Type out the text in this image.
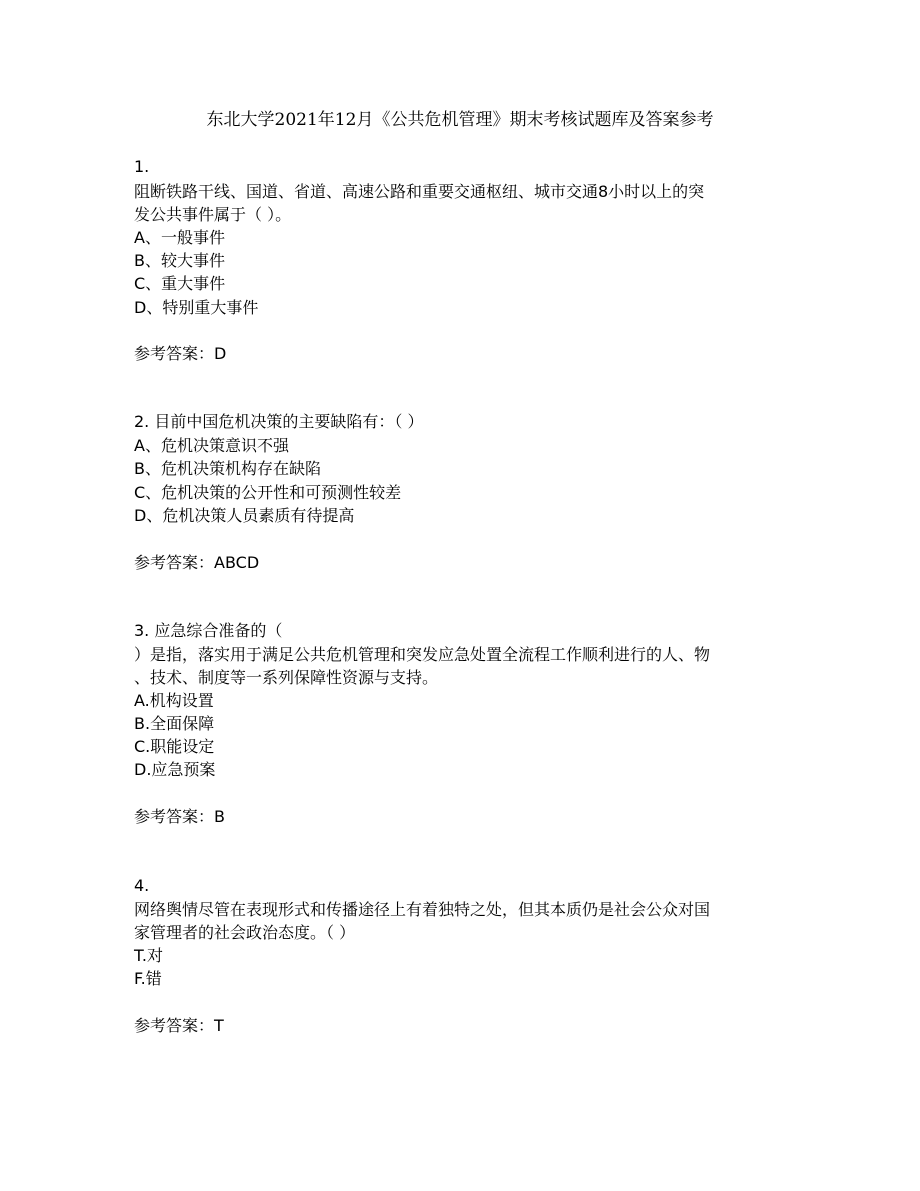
东北大学2021年12月《公共危机管理》期末考核试题库及答案参考
1.
阻断铁路干线、国道、省道、高速公路和重要交通枢纽、城市交通8小时以上的突
发公共事件属于（ ）。
A、一般事件
B、较大事件
C、重大事件
D、特别重大事件
参考答案：D
2. 目前中国危机决策的主要缺陷有：（ ）
A、危机决策意识不强
B、危机决策机构存在缺陷
C、危机决策的公开性和可预测性较差
D、危机决策人员素质有待提高
参考答案：ABCD
3. 应急综合准备的（
）是指，落实用于满足公共危机管理和突发应急处置全流程工作顺利进行的人、物
、技术、制度等一系列保障性资源与支持。
A.机构设置
B.全面保障
C.职能设定
D.应急预案
参考答案：B
4.
网络舆情尽管在表现形式和传播途径上有着独特之处，但其本质仍是社会公众对国
家管理者的社会政治态度。（ ）
T.对
F.错
参考答案：T
